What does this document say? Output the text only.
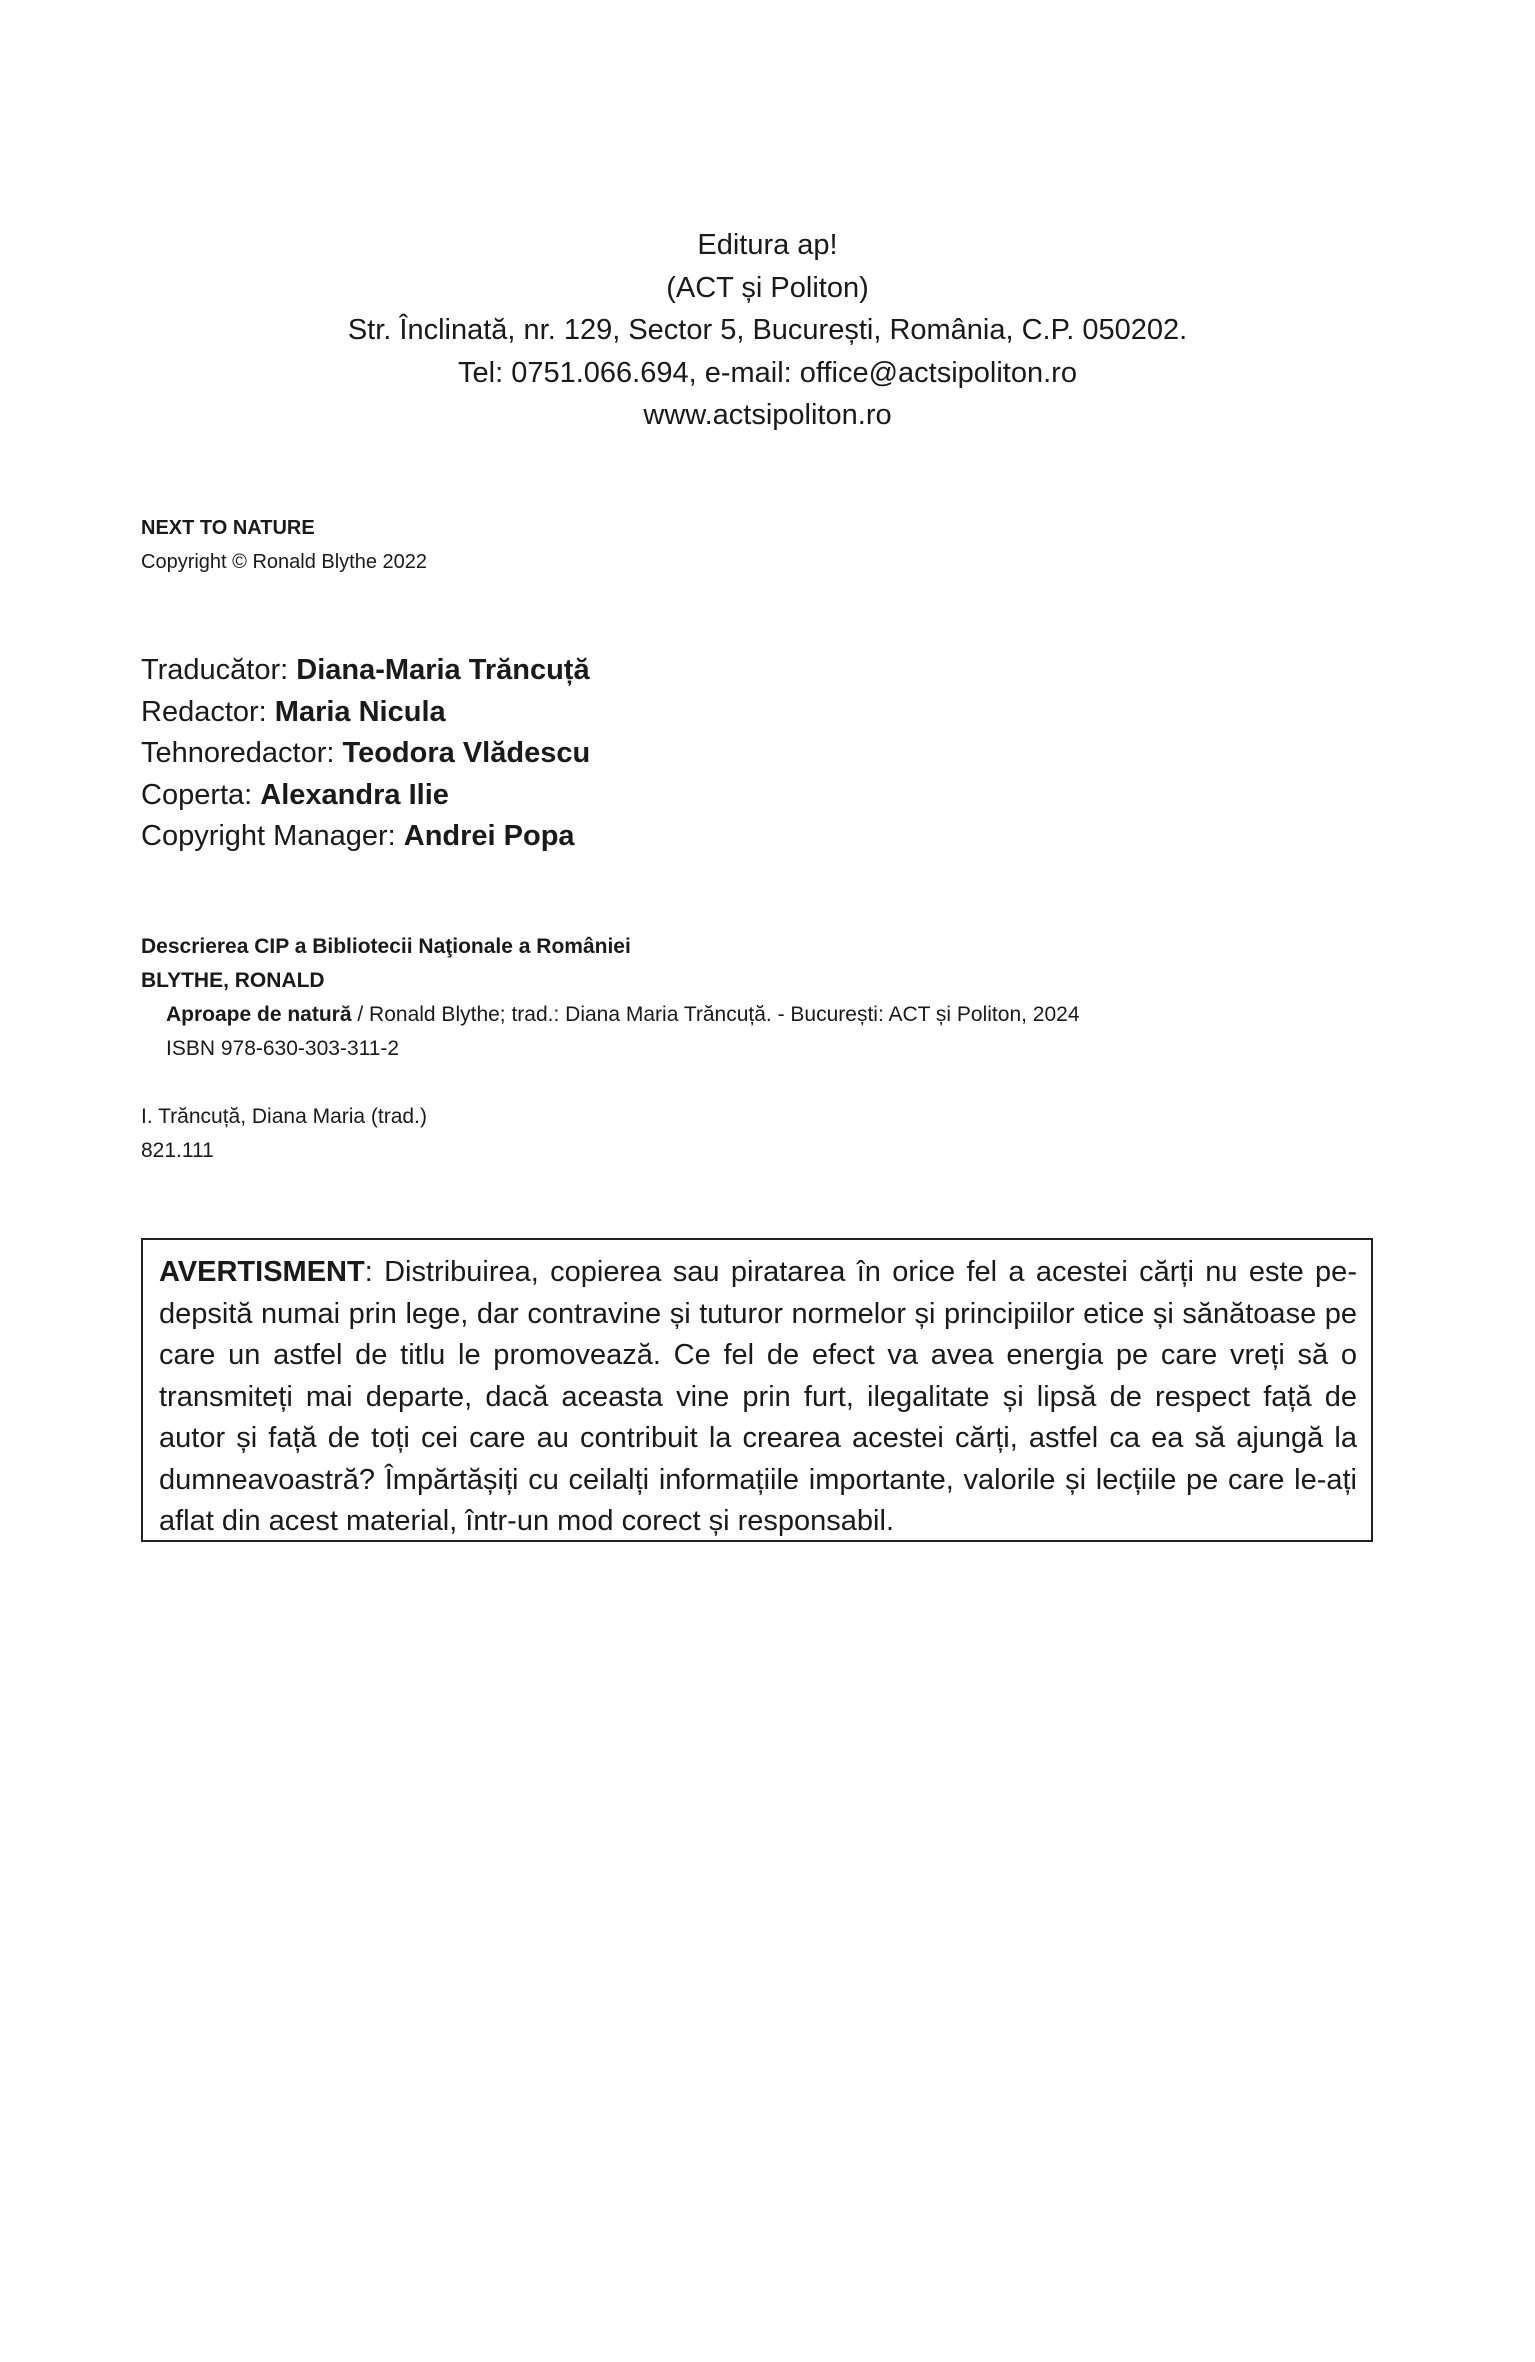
Editura ap!
(ACT și Politon)
Str. Înclinată, nr. 129, Sector 5, București, România, C.P. 050202.
Tel: 0751.066.694, e-mail: office@actsipoliton.ro
www.actsipoliton.ro
NEXT TO NATURE
Copyright © Ronald Blythe 2022
Traducător: Diana-Maria Trăncuță
Redactor: Maria Nicula
Tehnoredactor: Teodora Vlădescu
Coperta: Alexandra Ilie
Copyright Manager: Andrei Popa
Descrierea CIP a Bibliotecii Naţionale a României
BLYTHE, RONALD
Aproape de natură / Ronald Blythe; trad.: Diana Maria Trăncuță. - București: ACT și Politon, 2024
ISBN 978-630-303-311-2
I. Trăncuță, Diana Maria (trad.)
821.111
AVERTISMENT: Distribuirea, copierea sau piratarea în orice fel a acestei cărți nu este pedepsită numai prin lege, dar contravine și tuturor normelor și principiilor etice și sănătoase pe care un astfel de titlu le promovează. Ce fel de efect va avea energia pe care vreți să o transmiteți mai departe, dacă aceasta vine prin furt, ilegalitate și lipsă de respect față de autor și față de toți cei care au contribuit la crearea acestei cărți, astfel ca ea să ajungă la dumneavoastră? Împărtășiți cu ceilalți informațiile importante, valorile și lecțiile pe care le-ați aflat din acest material, într-un mod corect și responsabil.
